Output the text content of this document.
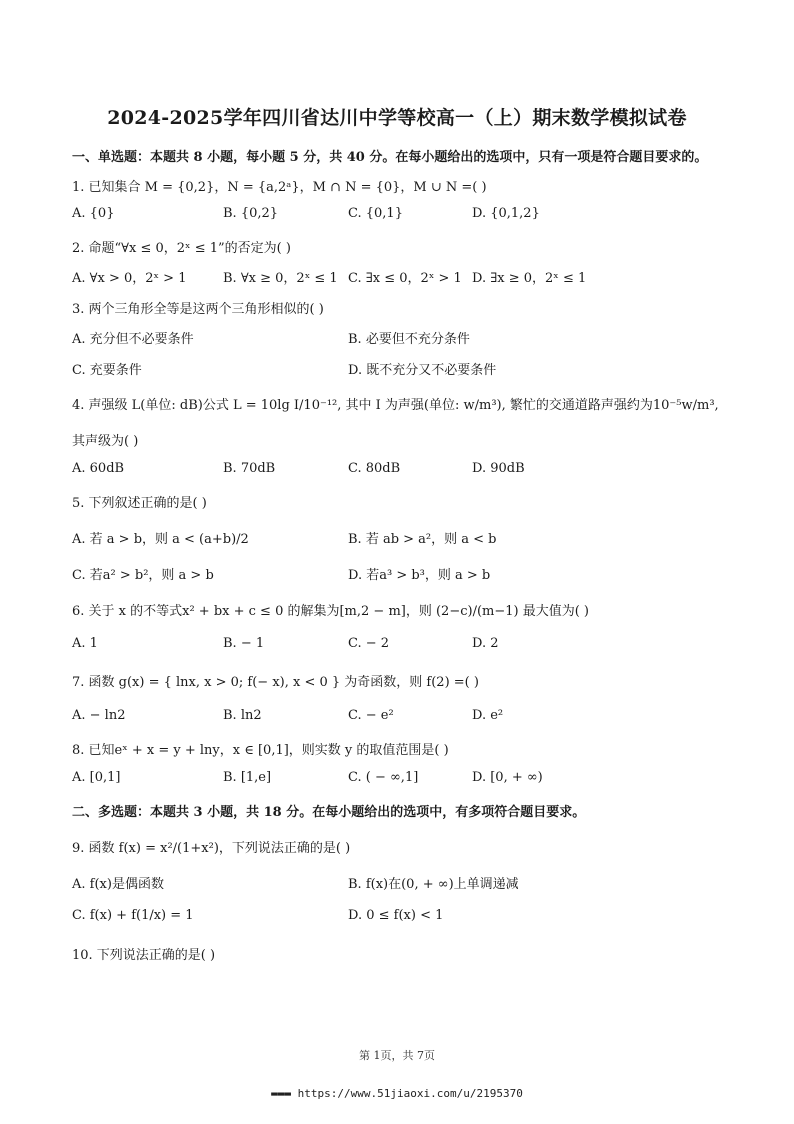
2024-2025学年四川省达川中学等校高一（上）期末数学模拟试卷
一、单选题：本题共 8 小题，每小题 5 分，共 40 分。在每小题给出的选项中，只有一项是符合题目要求的。
1. 已知集合 M = {0,2}，N = {a,2ᵃ}，M ∩ N = {0}，M ∪ N =( )
A. {0}	B. {0,2}	C. {0,1}	D. {0,1,2}
2. 命题“∀x ≤ 0，2ˣ ≤ 1”的否定为( )
A. ∀x > 0，2ˣ > 1	B. ∀x ≥ 0，2ˣ ≤ 1 C. ∃x ≤ 0，2ˣ > 1 D. ∃x ≥ 0，2ˣ ≤ 1
3. 两个三角形全等是这两个三角形相似的( )
A. 充分但不必要条件	B. 必要但不充分条件
C. 充要条件	D. 既不充分又不必要条件
4. 声强级 L(单位: dB)公式 L = 10lg I/10⁻¹², 其中 I 为声强(单位: w/m³), 繁忙的交通道路声强约为10⁻⁵w/m³,
其声级为( )
A. 60dB	B. 70dB	C. 80dB	D. 90dB
5. 下列叙述正确的是( )
A. 若 a > b，则 a < (a+b)/2	B. 若 ab > a²，则 a < b
C. 若a² > b²，则 a > b	D. 若a³ > b³，则 a > b
6. 关于 x 的不等式x² + bx + c ≤ 0 的解集为[m,2 − m]，则 (2−c)/(m−1) 最大值为( )
A. 1	B. − 1	C. − 2	D. 2
7. 函数 g(x) = { lnx, x > 0; f(− x), x < 0 } 为奇函数，则 f(2) =( )
A. − ln2	B. ln2	C. − e²	D. e²
8. 已知eˣ + x = y + lny，x ∈ [0,1]，则实数 y 的取值范围是( )
A. [0,1]	B. [1,e]	C. ( − ∞,1]	D. [0, + ∞)
二、多选题：本题共 3 小题，共 18 分。在每小题给出的选项中，有多项符合题目要求。
9. 函数 f(x) = x²/(1+x²)，下列说法正确的是( )
A. f(x)是偶函数	B. f(x)在(0, + ∞)上单调递减
C. f(x) + f(1/x) = 1	D. 0 ≤ f(x) < 1
10. 下列说法正确的是( )
第 1页，共 7页
▬▬▬ https://www.51jiaoxi.com/u/2195370
